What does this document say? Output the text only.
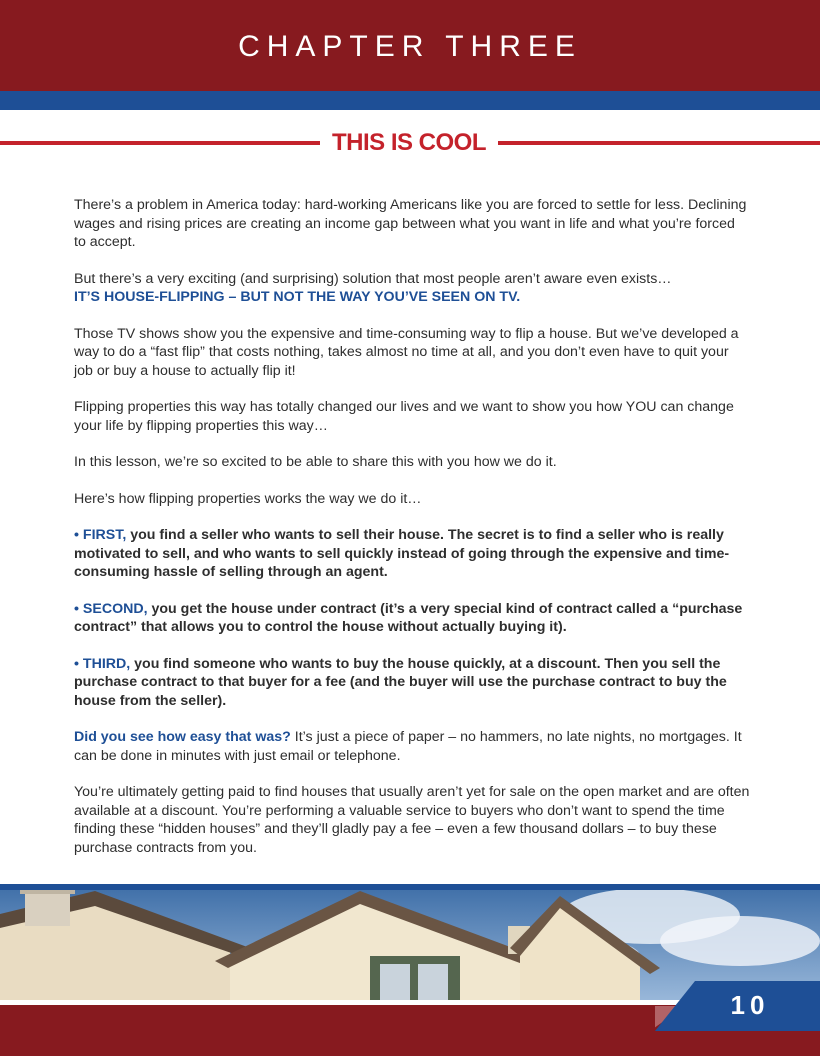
CHAPTER THREE
THIS IS COOL

There’s a problem in America today: hard-working Americans like you are forced to settle for less. Declining wages and rising prices are creating an income gap between what you want in life and what you’re forced to accept.

But there’s a very exciting (and surprising) solution that most people aren’t aware even exists…
IT’S HOUSE-FLIPPING – BUT NOT THE WAY YOU’VE SEEN ON TV.

Those TV shows show you the expensive and time-consuming way to flip a house. But we’ve developed a way to do a “fast flip” that costs nothing, takes almost no time at all, and you don’t even have to quit your job or buy a house to actually flip it!

Flipping properties this way has totally changed our lives and we want to show you how YOU can change your life by flipping properties this way…

In this lesson, we’re so excited to be able to share this with you how we do it.

Here’s how flipping properties works the way we do it…

• FIRST, you find a seller who wants to sell their house. The secret is to find a seller who is really motivated to sell, and who wants to sell quickly instead of going through the expensive and time-consuming hassle of selling through an agent.

• SECOND, you get the house under contract (it’s a very special kind of contract called a “purchase contract” that allows you to control the house without actually buying it).

• THIRD, you find someone who wants to buy the house quickly, at a discount. Then you sell the purchase contract to that buyer for a fee (and the buyer will use the purchase contract to buy the house from the seller).

Did you see how easy that was? It’s just a piece of paper – no hammers, no late nights, no mortgages. It can be done in minutes with just email or telephone.

You’re ultimately getting paid to find houses that usually aren’t yet for sale on the open market and are often available at a discount. You’re performing a valuable service to buyers who don’t want to spend the time finding these “hidden houses” and they’ll gladly pay a fee – even a few thousand dollars – to buy these purchase contracts from you.

10
